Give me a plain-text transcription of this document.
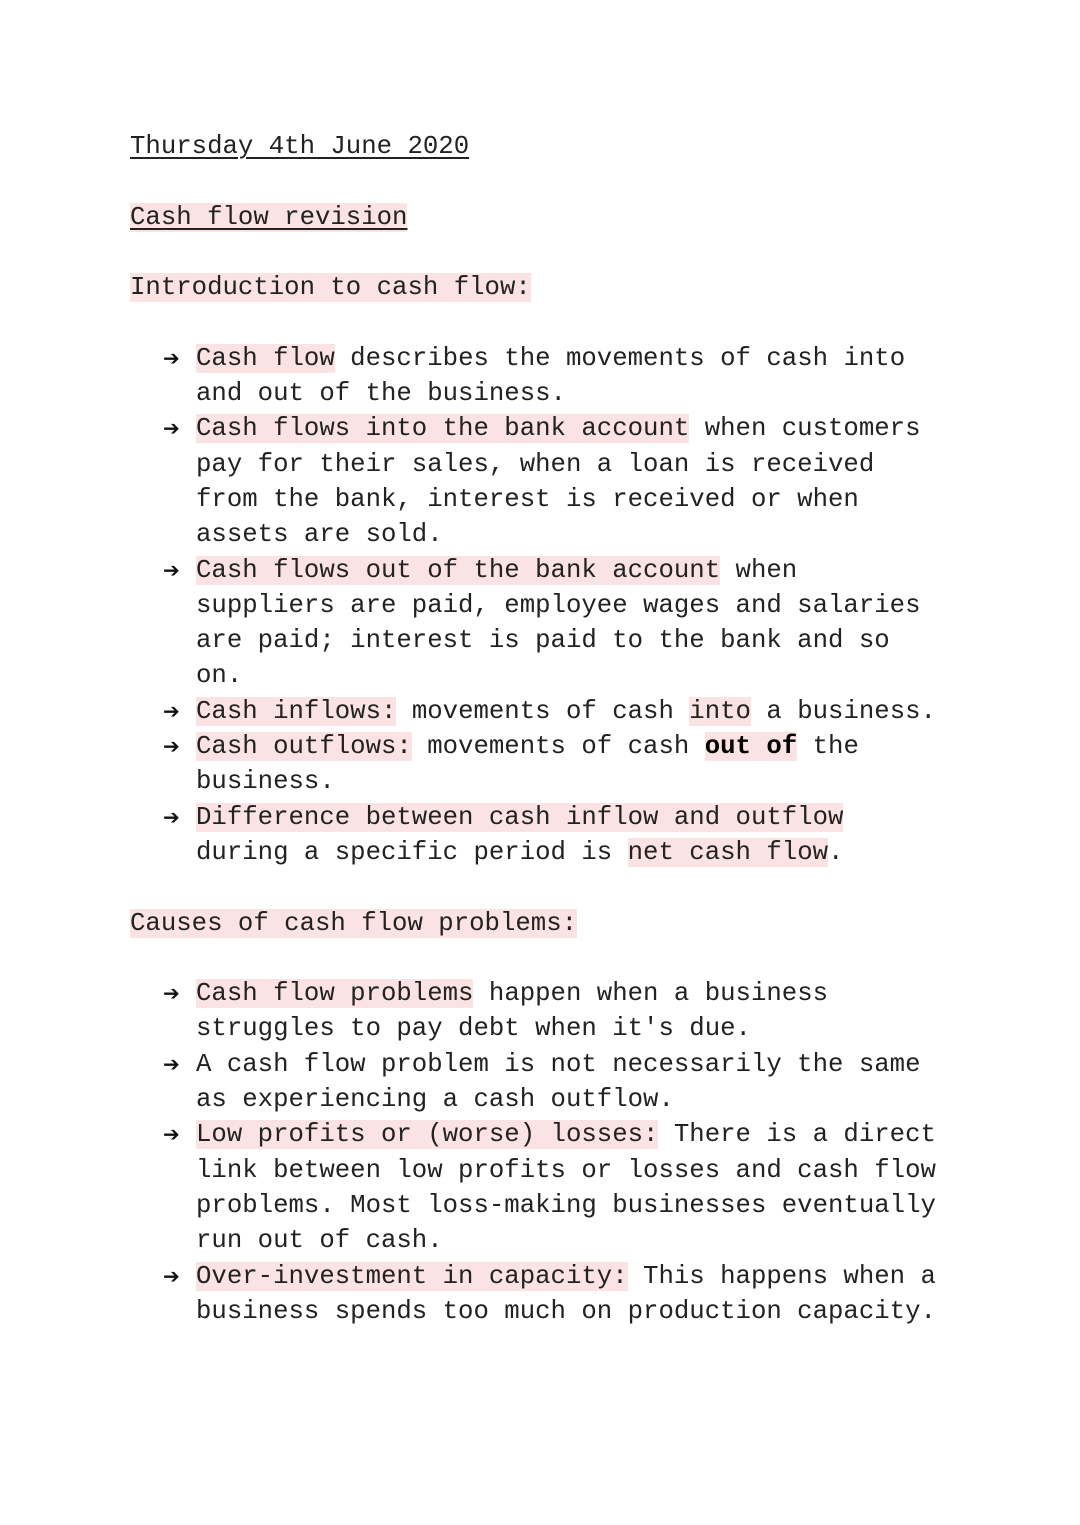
Thursday 4th June 2020
Cash flow revision
Introduction to cash flow:
➔ Cash flow describes the movements of cash into
and out of the business.
➔ Cash flows into the bank account when customers
pay for their sales, when a loan is received
from the bank, interest is received or when
assets are sold.
➔ Cash flows out of the bank account when
suppliers are paid, employee wages and salaries
are paid; interest is paid to the bank and so
on.
➔ Cash inflows: movements of cash into a business.
➔ Cash outflows: movements of cash out of the
business.
➔ Difference between cash inflow and outflow
during a specific period is net cash flow.
Causes of cash flow problems:
➔ Cash flow problems happen when a business
struggles to pay debt when it's due.
➔ A cash flow problem is not necessarily the same
as experiencing a cash outflow.
➔ Low profits or (worse) losses: There is a direct
link between low profits or losses and cash flow
problems. Most loss-making businesses eventually
run out of cash.
➔ Over-investment in capacity: This happens when a
business spends too much on production capacity.
